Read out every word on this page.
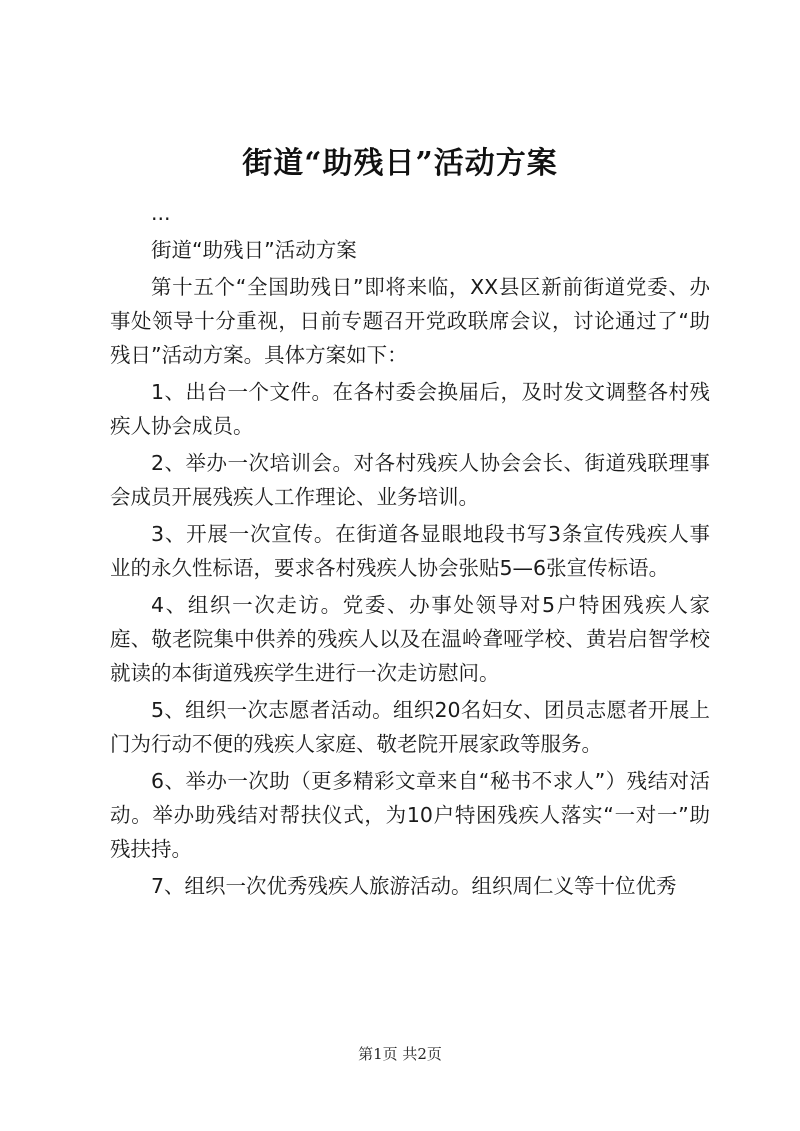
街道“助残日”活动方案

...

街道“助残日”活动方案

第十五个“全国助残日”即将来临，XX县区新前街道党委、办事处领导十分重视，日前专题召开党政联席会议，讨论通过了“助残日”活动方案。具体方案如下：

1、出台一个文件。在各村委会换届后，及时发文调整各村残疾人协会成员。

2、举办一次培训会。对各村残疾人协会会长、街道残联理事会成员开展残疾人工作理论、业务培训。

3、开展一次宣传。在街道各显眼地段书写3条宣传残疾人事业的永久性标语，要求各村残疾人协会张贴5—6张宣传标语。

4、组织一次走访。党委、办事处领导对5户特困残疾人家庭、敬老院集中供养的残疾人以及在温岭聋哑学校、黄岩启智学校就读的本街道残疾学生进行一次走访慰问。

5、组织一次志愿者活动。组织20名妇女、团员志愿者开展上门为行动不便的残疾人家庭、敬老院开展家政等服务。

6、举办一次助（更多精彩文章来自“秘书不求人”）残结对活动。举办助残结对帮扶仪式，为10户特困残疾人落实“一对一”助残扶持。

7、组织一次优秀残疾人旅游活动。组织周仁义等十位优秀

第1页 共2页
